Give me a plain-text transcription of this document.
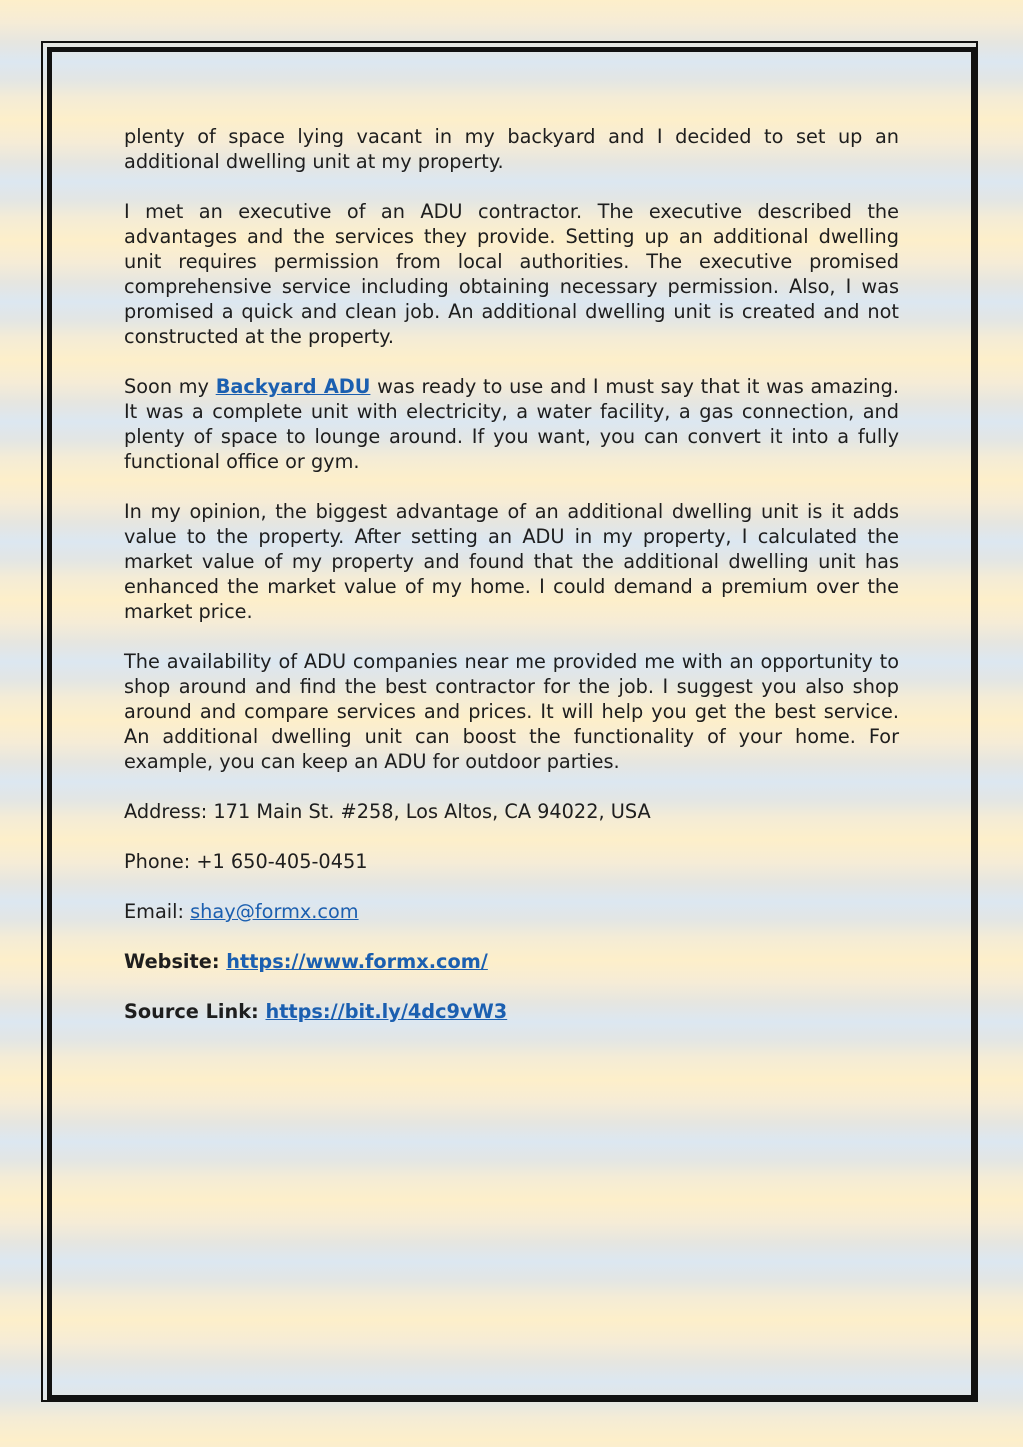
plenty of space lying vacant in my backyard and I decided to set up an additional dwelling unit at my property.

I met an executive of an ADU contractor. The executive described the advantages and the services they provide. Setting up an additional dwelling unit requires permission from local authorities. The executive promised comprehensive service including obtaining necessary permission. Also, I was promised a quick and clean job. An additional dwelling unit is created and not constructed at the property.

Soon my Backyard ADU was ready to use and I must say that it was amazing. It was a complete unit with electricity, a water facility, a gas connection, and plenty of space to lounge around. If you want, you can convert it into a fully functional office or gym.

In my opinion, the biggest advantage of an additional dwelling unit is it adds value to the property. After setting an ADU in my property, I calculated the market value of my property and found that the additional dwelling unit has enhanced the market value of my home. I could demand a premium over the market price.

The availability of ADU companies near me provided me with an opportunity to shop around and find the best contractor for the job. I suggest you also shop around and compare services and prices. It will help you get the best service. An additional dwelling unit can boost the functionality of your home. For example, you can keep an ADU for outdoor parties.

Address: 171 Main St. #258, Los Altos, CA 94022, USA

Phone: +1 650-405-0451

Email: shay@formx.com

Website: https://www.formx.com/

Source Link: https://bit.ly/4dc9vW3
